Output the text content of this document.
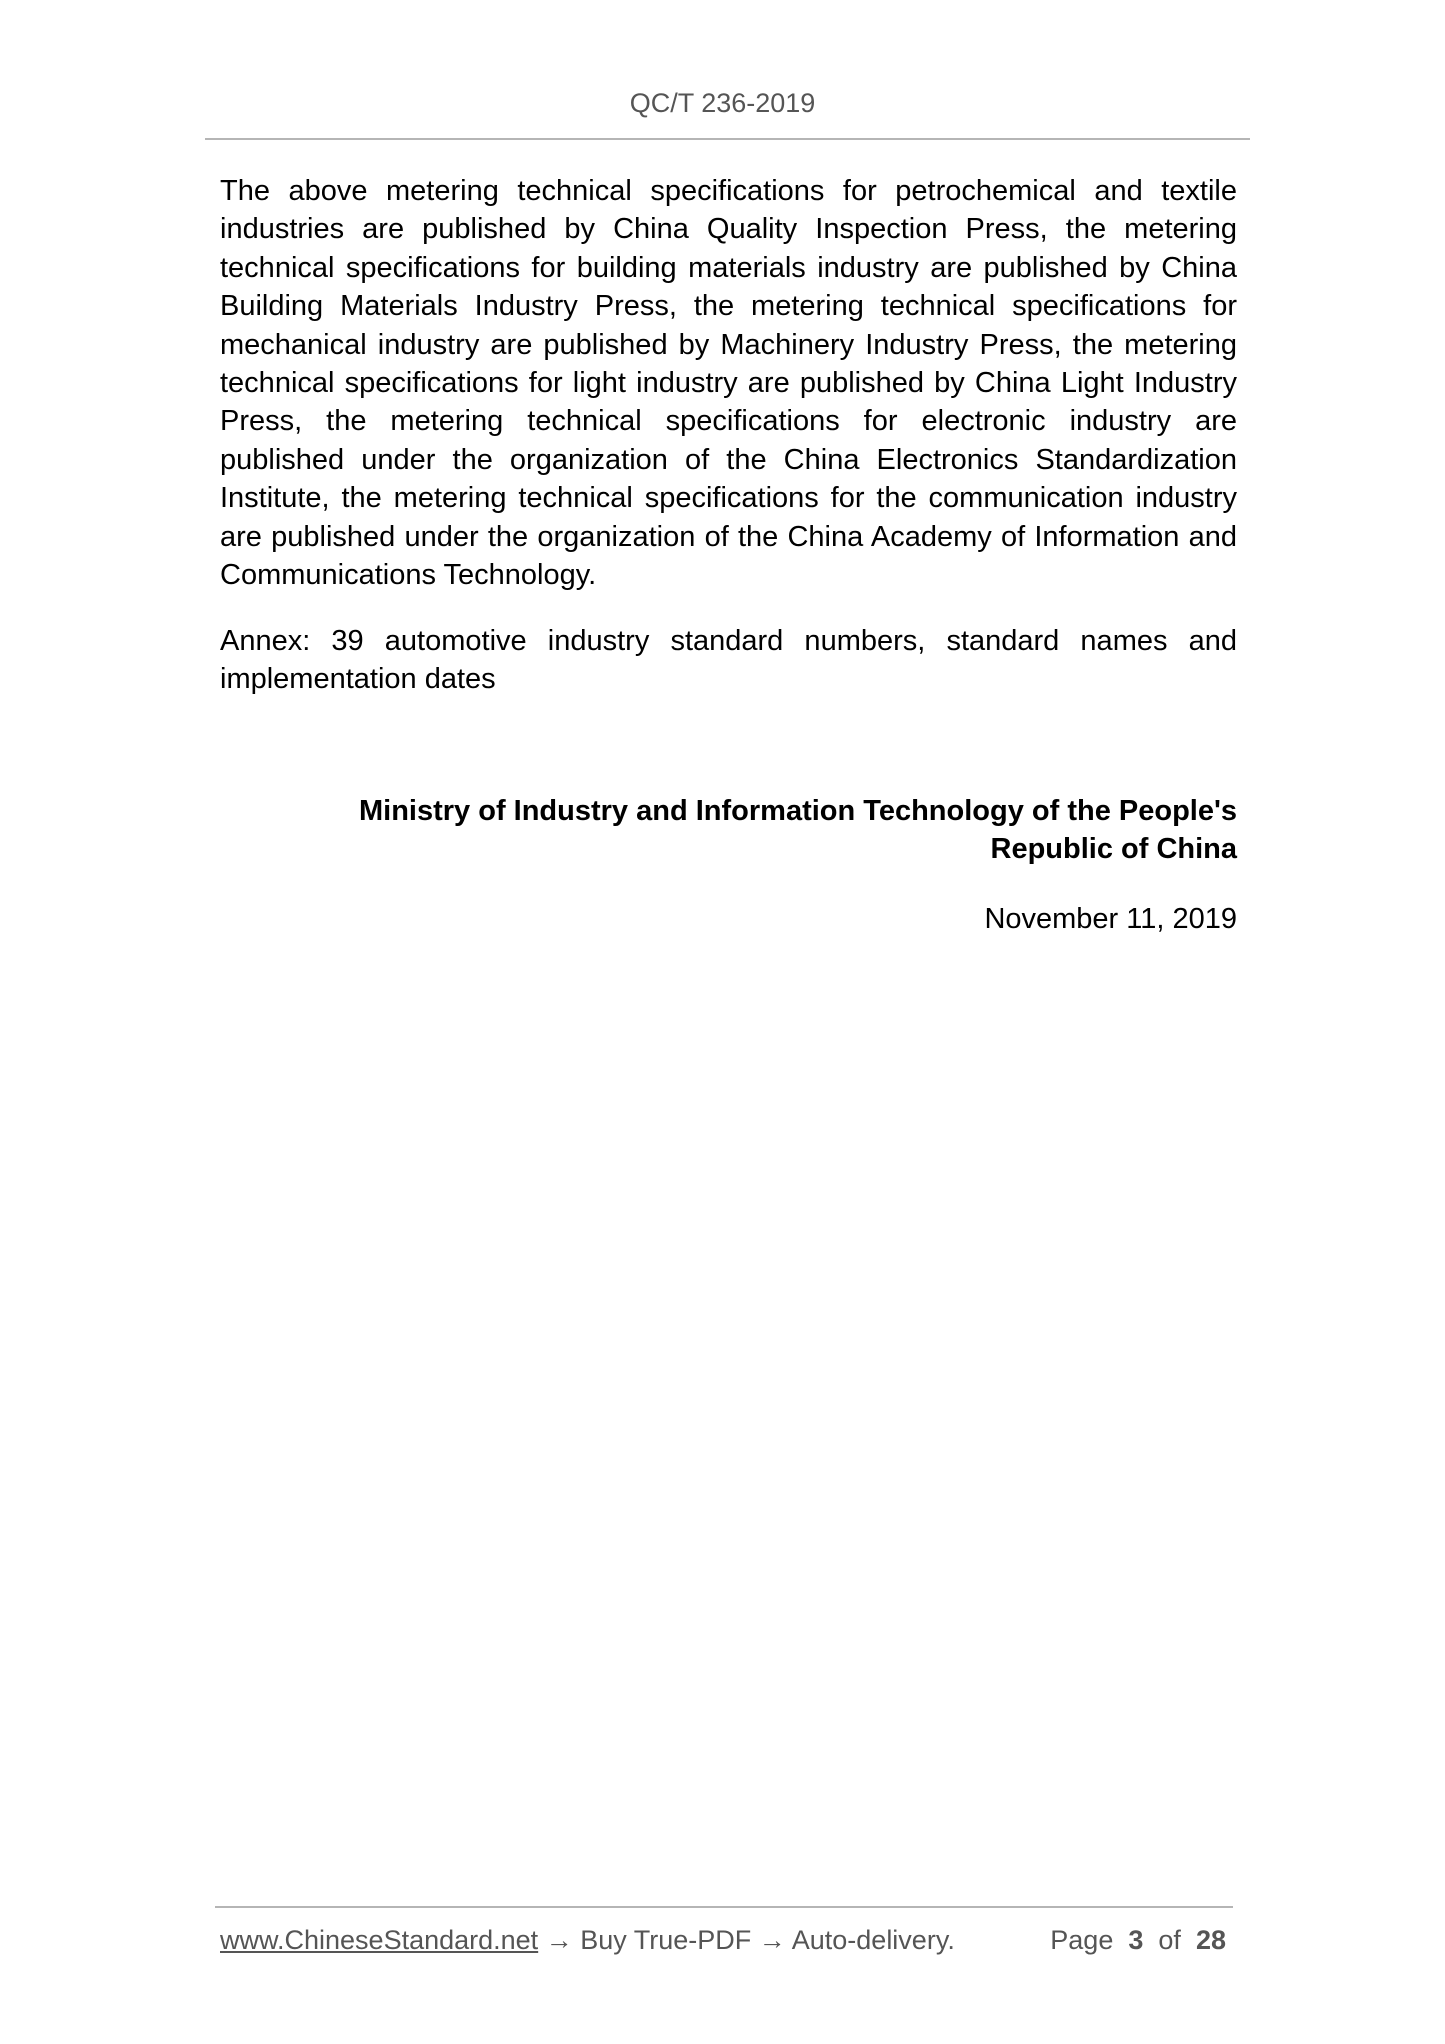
QC/T 236-2019
The above metering technical specifications for petrochemical and textile industries are published by China Quality Inspection Press, the metering technical specifications for building materials industry are published by China Building Materials Industry Press, the metering technical specifications for mechanical industry are published by Machinery Industry Press, the metering technical specifications for light industry are published by China Light Industry Press, the metering technical specifications for electronic industry are published under the organization of the China Electronics Standardization Institute, the metering technical specifications for the communication industry are published under the organization of the China Academy of Information and Communications Technology.
Annex: 39 automotive industry standard numbers, standard names and implementation dates
Ministry of Industry and Information Technology of the People's
Republic of China
November 11, 2019
www.ChineseStandard.net → Buy True-PDF → Auto-delivery.	Page 3 of 28
